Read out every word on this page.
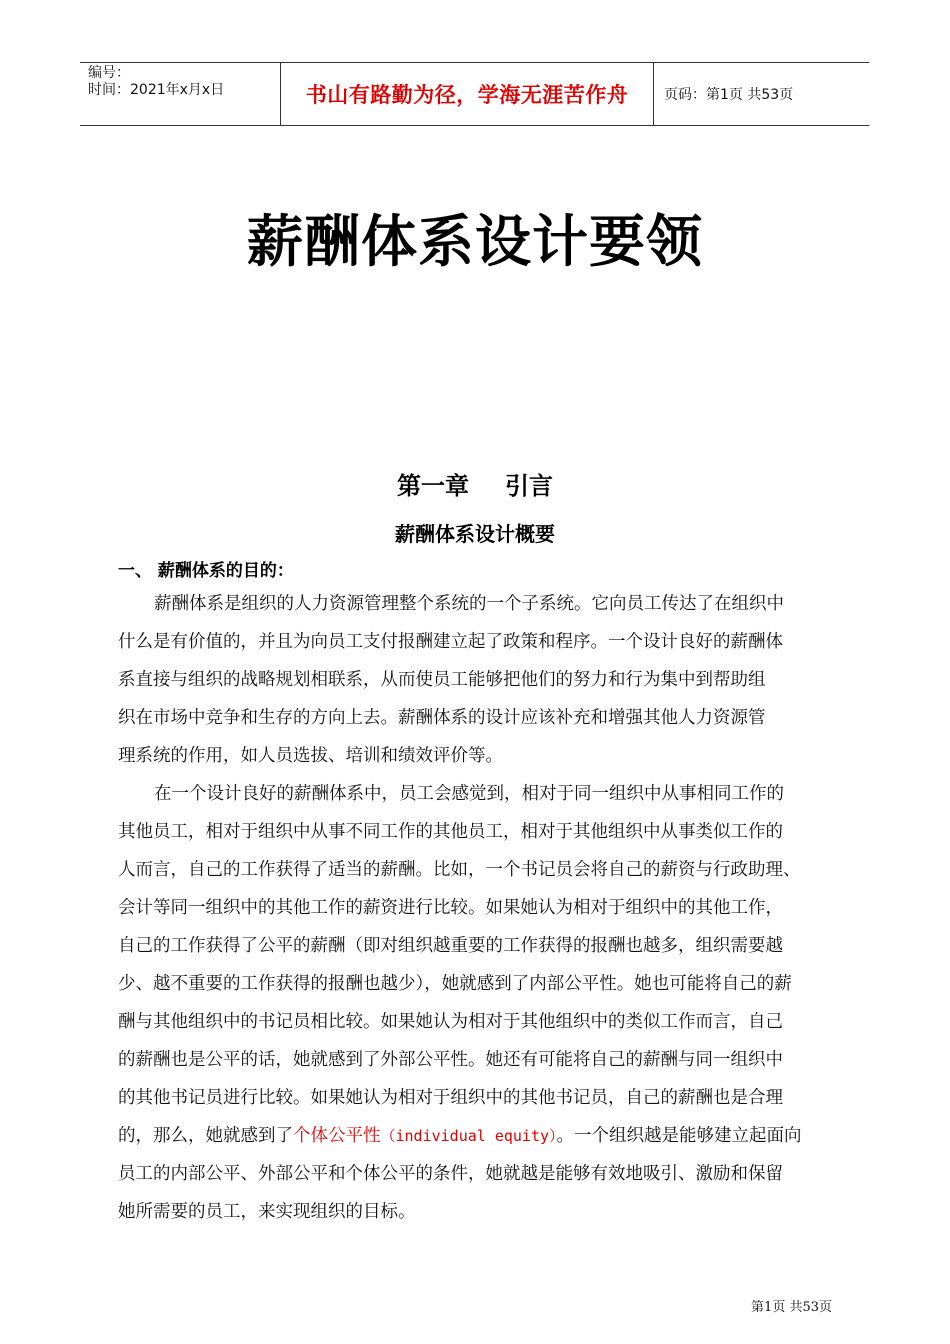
编号：
时间：2021年x月x日	书山有路勤为径，学海无涯苦作舟	页码：第1页 共53页
薪酬体系设计要领
第一章 引言
薪酬体系设计概要
一、 薪酬体系的目的：
薪酬体系是组织的人力资源管理整个系统的一个子系统。它向员工传达了在组织中
什么是有价值的，并且为向员工支付报酬建立起了政策和程序。一个设计良好的薪酬体
系直接与组织的战略规划相联系，从而使员工能够把他们的努力和行为集中到帮助组
织在市场中竞争和生存的方向上去。薪酬体系的设计应该补充和增强其他人力资源管
理系统的作用，如人员选拔、培训和绩效评价等。
在一个设计良好的薪酬体系中，员工会感觉到，相对于同一组织中从事相同工作的
其他员工，相对于组织中从事不同工作的其他员工，相对于其他组织中从事类似工作的
人而言，自己的工作获得了适当的薪酬。比如，一个书记员会将自己的薪资与行政助理、
会计等同一组织中的其他工作的薪资进行比较。如果她认为相对于组织中的其他工作，
自己的工作获得了公平的薪酬（即对组织越重要的工作获得的报酬也越多，组织需要越
少、越不重要的工作获得的报酬也越少），她就感到了内部公平性。她也可能将自己的薪
酬与其他组织中的书记员相比较。如果她认为相对于其他组织中的类似工作而言，自己
的薪酬也是公平的话，她就感到了外部公平性。她还有可能将自己的薪酬与同一组织中
的其他书记员进行比较。如果她认为相对于组织中的其他书记员，自己的薪酬也是合理
的，那么，她就感到了个体公平性（individual equity）。一个组织越是能够建立起面向
员工的内部公平、外部公平和个体公平的条件，她就越是能够有效地吸引、激励和保留
她所需要的员工，来实现组织的目标。
第1页 共53页
